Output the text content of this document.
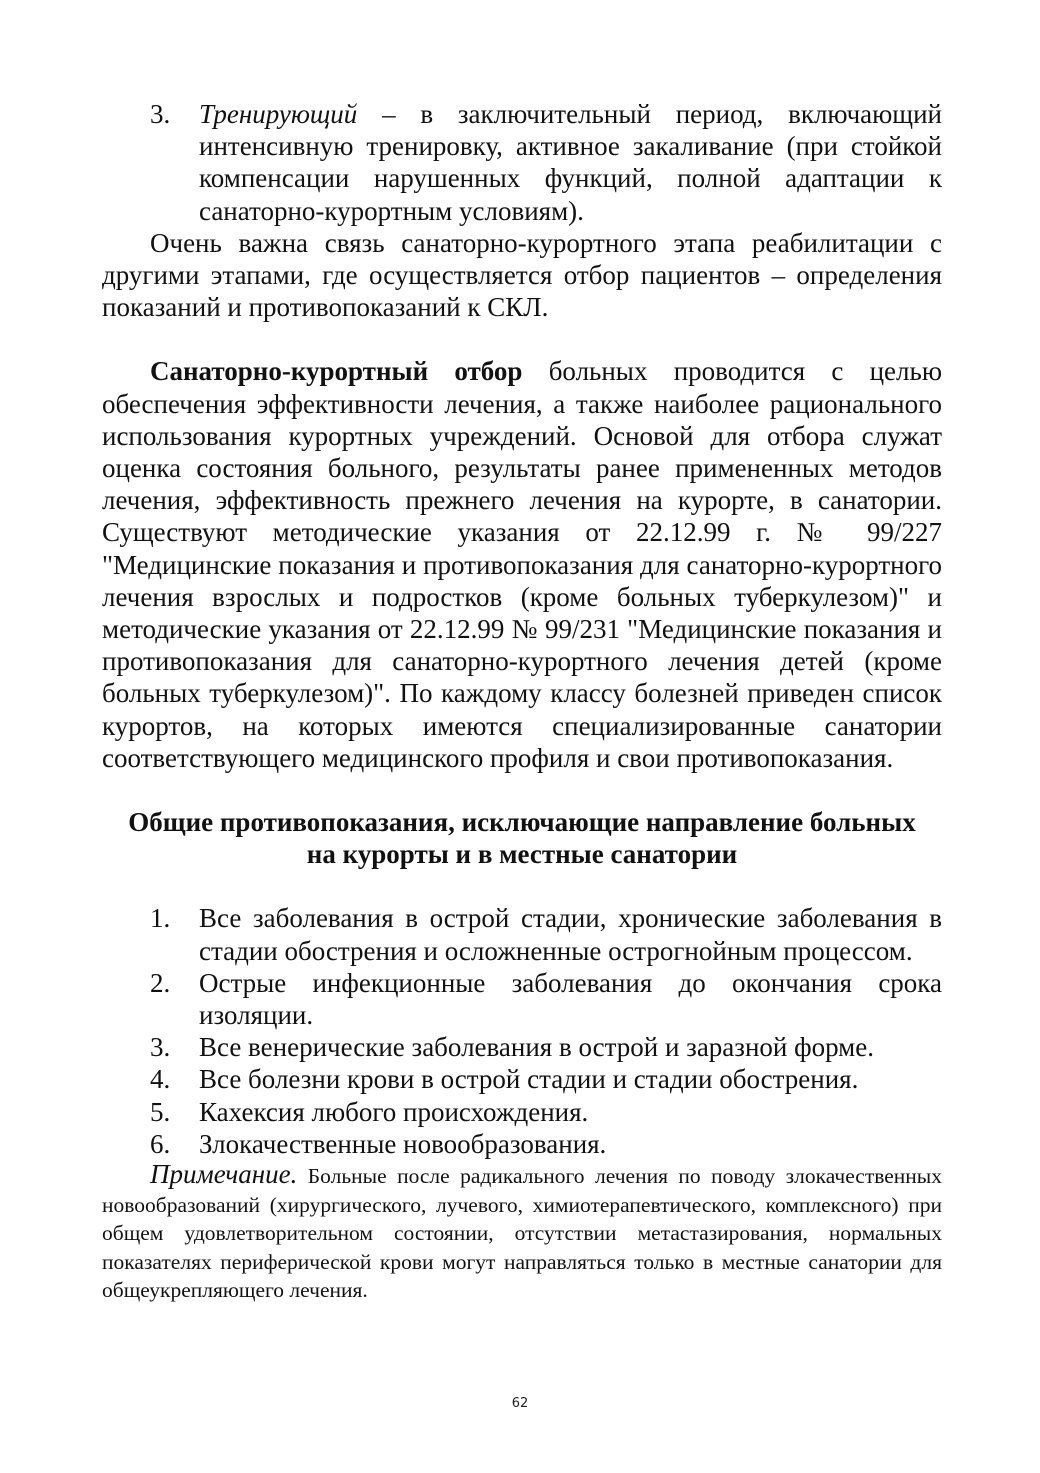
3. Тренирующий – в заключительный период, включающий интенсивную тренировку, активное закаливание (при стойкой компенсации нарушенных функций, полной адаптации к санаторно-курортным условиям).

Очень важна связь санаторно-курортного этапа реабилитации с другими этапами, где осуществляется отбор пациентов – определения показаний и противопоказаний к СКЛ.

Санаторно-курортный отбор больных проводится с целью обеспечения эффективности лечения, а также наиболее рационального использования курортных учреждений. Основой для отбора служат оценка состояния больного, результаты ранее примененных методов лечения, эффективность прежнего лечения на курорте, в санатории. Существуют методические указания от 22.12.99 г. № 99/227 "Медицинские показания и противопоказания для санаторно-курортного лечения взрослых и подростков (кроме больных туберкулезом)" и методические указания от 22.12.99 № 99/231 "Медицинские показания и противопоказания для санаторно-курортного лечения детей (кроме больных туберкулезом)". По каждому классу болезней приведен список курортов, на которых имеются специализированные санатории соответствующего медицинского профиля и свои противопоказания.

Общие противопоказания, исключающие направление больных
на курорты и в местные санатории

1. Все заболевания в острой стадии, хронические заболевания в стадии обострения и осложненные острогнойным процессом.
2. Острые инфекционные заболевания до окончания срока изоляции.
3. Все венерические заболевания в острой и заразной форме.
4. Все болезни крови в острой стадии и стадии обострения.
5. Кахексия любого происхождения.
6. Злокачественные новообразования.

Примечание. Больные после радикального лечения по поводу злокачественных новообразований (хирургического, лучевого, химиотерапевтического, комплексного) при общем удовлетворительном состоянии, отсутствии метастазирования, нормальных показателях периферической крови могут направляться только в местные санатории для общеукрепляющего лечения.

62
